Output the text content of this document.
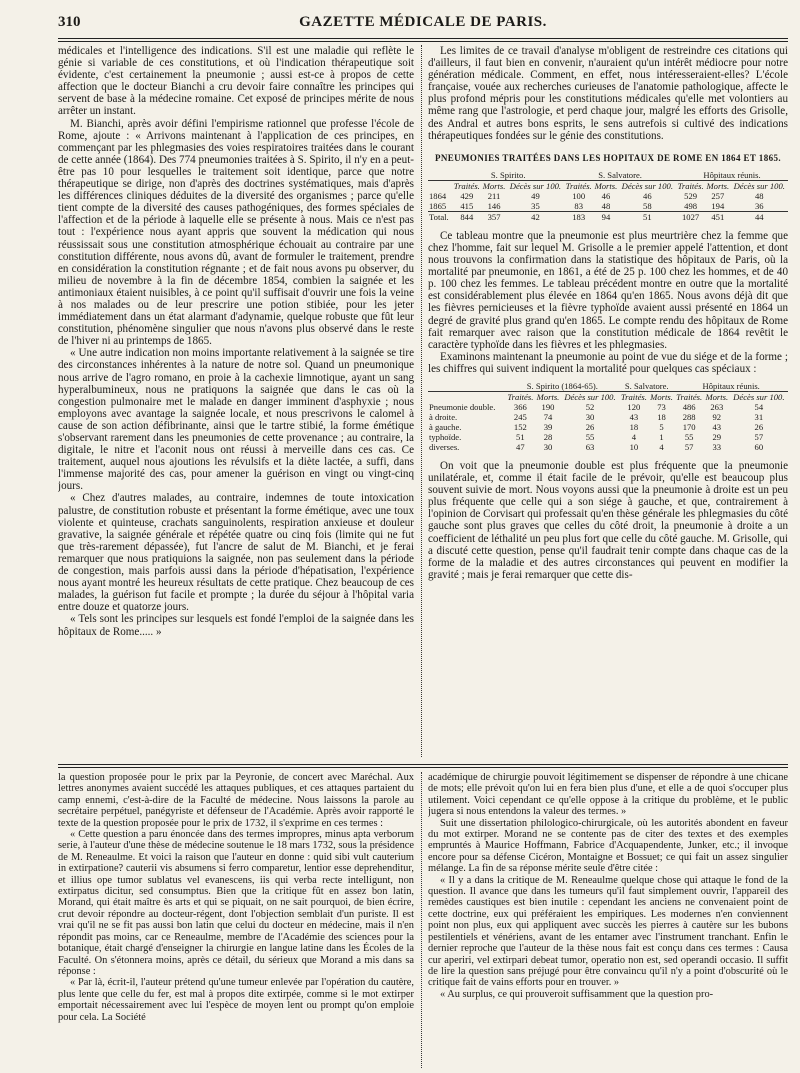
310	GAZETTE MÉDICALE DE PARIS.

médicales et l'intelligence des indications. S'il est une maladie qui reflète le génie si variable de ces constitutions, et où l'indication thérapeutique soit évidente, c'est certainement la pneumonie ; aussi est-ce à propos de cette affection que le docteur Bianchi a cru devoir faire connaître les principes qui servent de base à la médecine romaine. Cet exposé de principes mérite de nous arrêter un instant.

M. Bianchi, après avoir défini l'empirisme rationnel que professe l'école de Rome, ajoute : « Arrivons maintenant à l'application de ces principes, en commençant par les phlegmasies des voies respiratoires traitées dans le courant de cette année (1864). Des 774 pneumonies traitées à S. Spirito, il n'y en a peut-être pas 10 pour lesquelles le traitement soit identique, parce que notre thérapeutique se dirige, non d'après des doctrines systématiques, mais d'après les différences cliniques déduites de la diversité des organismes ; parce qu'elle tient compte de la diversité des causes pathogéniques, des formes spéciales de l'affection et de la période à laquelle elle se présente à nous. Mais ce n'est pas tout : l'expérience nous ayant appris que souvent la médication qui nous réussissait sous une constitution atmosphérique échouait au contraire par une constitution différente, nous avons dû, avant de formuler le traitement, prendre en considération la constitution régnante ; et de fait nous avons pu observer, du milieu de novembre à la fin de décembre 1854, combien la saignée et les antimoniaux étaient nuisibles, à ce point qu'il suffisait d'ouvrir une fois la veine à nos malades ou de leur prescrire une potion stibiée, pour les jeter immédiatement dans un état alarmant d'adynamie, quelque robuste que fût leur constitution, phénomène singulier que nous n'avons plus observé dans le reste de l'hiver ni au printemps de 1865.

« Une autre indication non moins importante relativement à la saignée se tire des circonstances inhérentes à la nature de notre sol. Quand un pneumonique nous arrive de l'agro romano, en proie à la cachexie limnotique, ayant un sang hyperalbumineux, nous ne pratiquons la saignée que dans le cas où la congestion pulmonaire met le malade en danger imminent d'asphyxie ; nous employons avec avantage la saignée locale, et nous prescrivons le calomel à cause de son action défibrinante, ainsi que le tartre stibié, la forme émétique s'observant rarement dans les pneumonies de cette provenance ; au contraire, la digitale, le nitre et l'aconit nous ont réussi à merveille dans ces cas. Ce traitement, auquel nous ajoutions les révulsifs et la diète lactée, a suffi, dans l'immense majorité des cas, pour amener la guérison en vingt ou vingt-cinq jours.

« Chez d'autres malades, au contraire, indemnes de toute intoxication palustre, de constitution robuste et présentant la forme émétique, avec une toux violente et quinteuse, crachats sanguinolents, respiration anxieuse et douleur gravative, la saignée générale et répétée quatre ou cinq fois (limite qui ne fut que très-rarement dépassée), fut l'ancre de salut de M. Bianchi, et je ferai remarquer que nous pratiquions la saignée, non pas seulement dans la période de congestion, mais parfois aussi dans la période d'hépatisation, l'expérience nous ayant montré les heureux résultats de cette pratique. Chez beaucoup de ces malades, la guérison fut facile et prompte ; la durée du séjour à l'hôpital varia entre douze et quatorze jours.

« Tels sont les principes sur lesquels est fondé l'emploi de la saignée dans les hôpitaux de Rome..... »

Les limites de ce travail d'analyse m'obligent de restreindre ces citations qui d'ailleurs, il faut bien en convenir, n'auraient qu'un intérêt médiocre pour notre génération médicale. Comment, en effet, nous intéresseraient-elles? L'école française, vouée aux recherches curieuses de l'anatomie pathologique, affecte le plus profond mépris pour les constitutions médicales qu'elle met volontiers au même rang que l'astrologie, et perd chaque jour, malgré les efforts des Grisolle, des Andral et autres bons esprits, le sens autrefois si cultivé des indications thérapeutiques fondées sur le génie des constitutions.

PNEUMONIES TRAITÉES DANS LES HOPITAUX DE ROME EN 1864 ET 1865.
	S. Spirito.			S. Salvatore.			Hôpitaux réunis.		
	Traités.	Morts.	Décès sur 100.	Traités.	Morts.	Décès sur 100.	Traités.	Morts.	Décès sur 100.
1864	429	211	49	100	46	46	529	257	48
1865	415	146	35	83	48	58	498	194	36
Total.	844	357	42	183	94	51	1027	451	44

Ce tableau montre que la pneumonie est plus meurtrière chez la femme que chez l'homme, fait sur lequel M. Grisolle a le premier appelé l'attention, et dont nous trouvons la confirmation dans la statistique des hôpitaux de Paris, où la mortalité par pneumonie, en 1861, a été de 25 p. 100 chez les hommes, et de 40 p. 100 chez les femmes. Le tableau précédent montre en outre que la mortalité est considérablement plus élevée en 1864 qu'en 1865. Nous avons déjà dit que les fièvres pernicieuses et la fièvre typhoïde avaient aussi présenté en 1864 un degré de gravité plus grand qu'en 1865. Le compte rendu des hôpitaux de Rome fait remarquer avec raison que la constitution médicale de 1864 revêtit le caractère typhoïde dans les fièvres et les phlegmasies.

Examinons maintenant la pneumonie au point de vue du siége et de la forme ; les chiffres qui suivent indiquent la mortalité pour quelques cas spéciaux :

	S. Spirito (1864-65).			S. Salvatore.		Hôpitaux réunis.		
	Traités.	Morts.	Décès sur 100.	Traités.	Morts.	Traités.	Morts.	Décès sur 100.
Pneumonie double.	366	190	52	120	73	486	263	54
à droite.	245	74	30	43	18	288	92	31
à gauche.	152	39	26	18	5	170	43	26
typhoïde.	51	28	55	4	1	55	29	57
diverses.	47	30	63	10	4	57	33	60

On voit que la pneumonie double est plus fréquente que la pneumonie unilatérale, et, comme il était facile de le prévoir, qu'elle est beaucoup plus souvent suivie de mort. Nous voyons aussi que la pneumonie à droite est un peu plus fréquente que celle qui a son siége à gauche, et que, contrairement à l'opinion de Corvisart qui professait qu'en thèse générale les phlegmasies du côté gauche sont plus graves que celles du côté droit, la pneumonie à droite a un coefficient de léthalité un peu plus fort que celle du côté gauche. M. Grisolle, qui a discuté cette question, pense qu'il faudrait tenir compte dans chaque cas de la forme de la maladie et des autres circonstances qui peuvent en modifier la gravité ; mais je ferai remarquer que cette dis-

la question proposée pour le prix par la Peyronie, de concert avec Maréchal. Aux lettres anonymes avaient succédé les attaques publiques, et ces attaques partaient du camp ennemi, c'est-à-dire de la Faculté de médecine. Nous laissons la parole au secrétaire perpétuel, panégyriste et défenseur de l'Académie. Après avoir rapporté le texte de la question proposée pour le prix de 1732, il s'exprime en ces termes :

« Cette question a paru énoncée dans des termes impropres, minus apta verborum serie, à l'auteur d'une thèse de médecine soutenue le 18 mars 1732, sous la présidence de M. Reneaulme. Et voici la raison que l'auteur en donne : quid sibi vult cauterium in extirpatione? cauterii vis absumens si ferro comparetur, lentior esse deprehenditur, et illius ope tumor sublatus vel evanescens, iis qui verba recte intelligunt, non extirpatus dicitur, sed consumptus. Bien que la critique fût en assez bon latin, Morand, qui était maître ès arts et qui se piquait, on ne sait pourquoi, de bien écrire, crut devoir répondre au docteur-régent, dont l'objection semblait d'un puriste. Il est vrai qu'il ne se fit pas aussi bon latin que celui du docteur en médecine, mais il n'en répondit pas moins, car ce Reneaulme, membre de l'Académie des sciences pour la botanique, était chargé d'enseigner la chirurgie en langue latine dans les Écoles de la Faculté. On s'étonnera moins, après ce détail, du sérieux que Morand a mis dans sa réponse :

« Par là, écrit-il, l'auteur prétend qu'une tumeur enlevée par l'opération du cautère, plus lente que celle du fer, est mal à propos dite extirpée, comme si le mot extirper emportait nécessairement avec lui l'espèce de moyen lent ou prompt qu'on emploie pour cela. La Société

académique de chirurgie pouvoit légitimement se dispenser de répondre à une chicane de mots; elle prévoit qu'on lui en fera bien plus d'une, et elle a de quoi s'occuper plus utilement. Voici cependant ce qu'elle oppose à la critique du problème, et le public jugera si nous entendons la valeur des termes. »

Suit une dissertation philologico-chirurgicale, où les autorités abondent en faveur du mot extirper. Morand ne se contente pas de citer des textes et des exemples empruntés à Maurice Hoffmann, Fabrice d'Acquapendente, Junker, etc.; il invoque encore pour sa défense Cicéron, Montaigne et Bossuet; ce qui fait un assez singulier mélange. La fin de sa réponse mérite seule d'être citée :

« Il y a dans la critique de M. Reneaulme quelque chose qui attaque le fond de la question. Il avance que dans les tumeurs qu'il faut simplement ouvrir, l'appareil des remèdes caustiques est bien inutile : cependant les anciens ne convenaient point de cette doctrine, eux qui préféraient les empiriques. Les modernes n'en conviennent point non plus, eux qui appliquent avec succès les pierres à cautère sur les bubons pestilentiels et vénériens, avant de les entamer avec l'instrument tranchant. Enfin le dernier reproche que l'auteur de la thèse nous fait est conçu dans ces termes : Causa cur aperiri, vel extirpari debeat tumor, operatio non est, sed operandi occasio. Il suffit de lire la question sans préjugé pour être convaincu qu'il n'y a point d'obscurité où le critique fait de vains efforts pour en trouver. »

« Au surplus, ce qui prouveroit suffisamment que la question pro-
